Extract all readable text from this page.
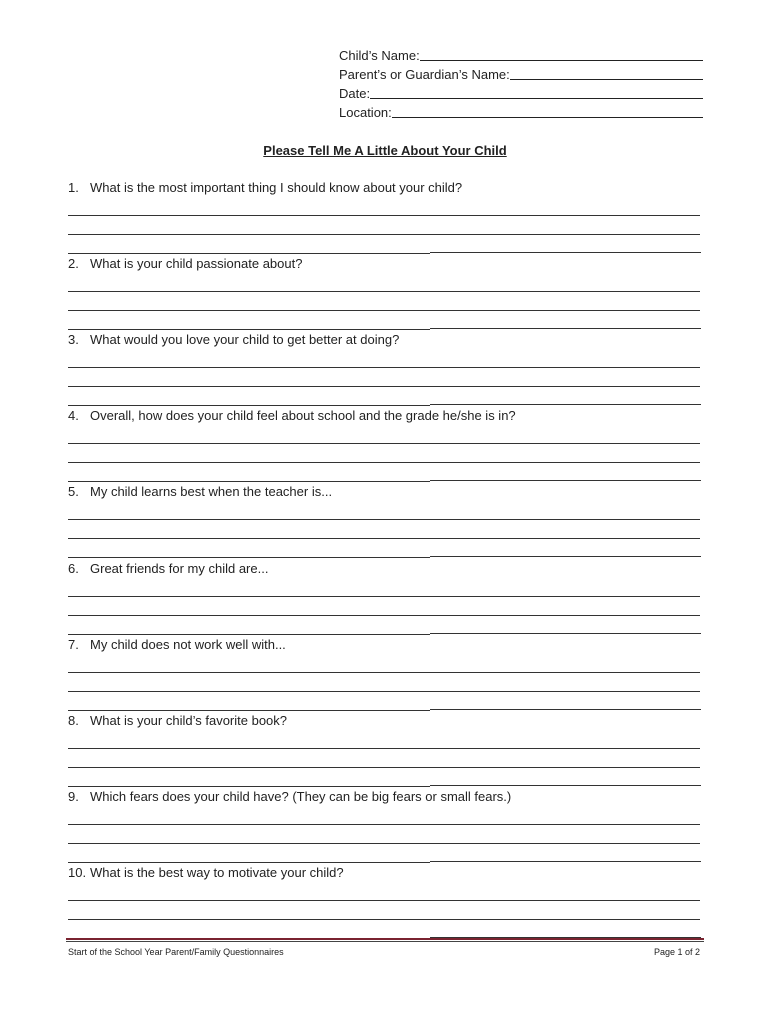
Child’s Name:
Parent’s or Guardian’s Name:
Date:
Location:
Please Tell Me A Little About Your Child
1. What is the most important thing I should know about your child?
2. What is your child passionate about?
3. What would you love your child to get better at doing?
4. Overall, how does your child feel about school and the grade he/she is in?
5. My child learns best when the teacher is...
6. Great friends for my child are...
7. My child does not work well with...
8. What is your child’s favorite book?
9. Which fears does your child have? (They can be big fears or small fears.)
10. What is the best way to motivate your child?
Start of the School Year Parent/Family Questionnaires	Page 1 of 2
